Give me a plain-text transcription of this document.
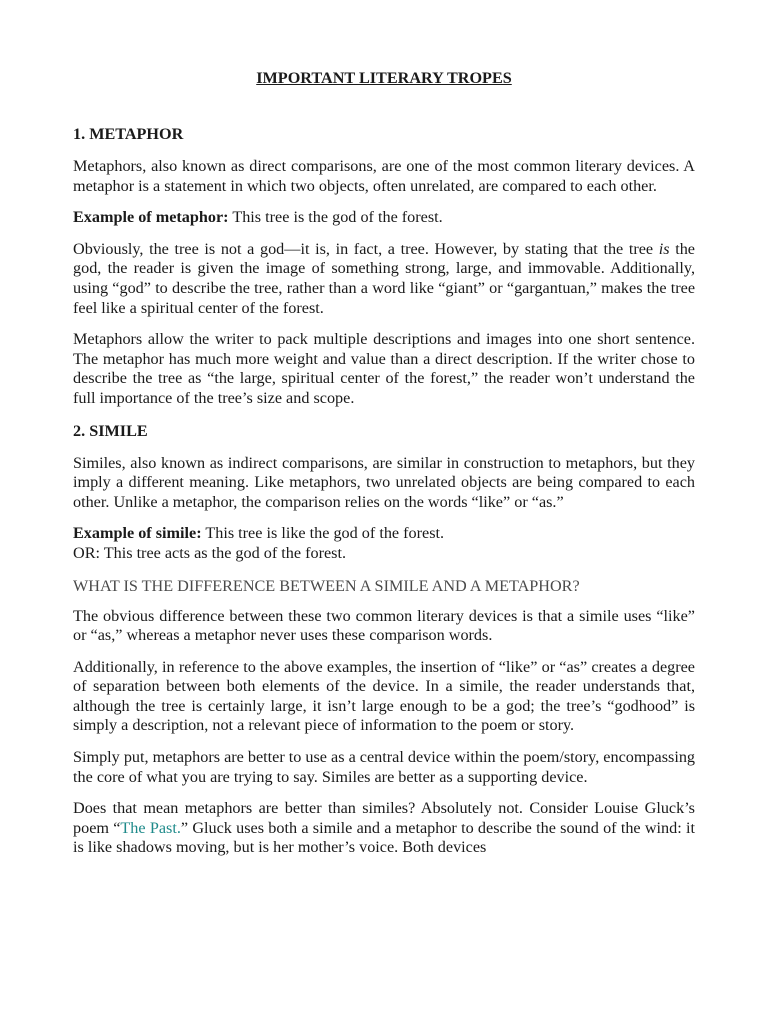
IMPORTANT LITERARY TROPES
1. METAPHOR

Metaphors, also known as direct comparisons, are one of the most common literary devices. A metaphor is a statement in which two objects, often unrelated, are compared to each other.

Example of metaphor: This tree is the god of the forest.

Obviously, the tree is not a god—it is, in fact, a tree. However, by stating that the tree is the god, the reader is given the image of something strong, large, and immovable. Additionally, using “god” to describe the tree, rather than a word like “giant” or “gargantuan,” makes the tree feel like a spiritual center of the forest.

Metaphors allow the writer to pack multiple descriptions and images into one short sentence. The metaphor has much more weight and value than a direct description. If the writer chose to describe the tree as “the large, spiritual center of the forest,” the reader won’t understand the full importance of the tree’s size and scope.

2. SIMILE

Similes, also known as indirect comparisons, are similar in construction to metaphors, but they imply a different meaning. Like metaphors, two unrelated objects are being compared to each other. Unlike a metaphor, the comparison relies on the words “like” or “as.”

Example of simile: This tree is like the god of the forest.

OR: This tree acts as the god of the forest.

WHAT IS THE DIFFERENCE BETWEEN A SIMILE AND A METAPHOR?

The obvious difference between these two common literary devices is that a simile uses “like” or “as,” whereas a metaphor never uses these comparison words.

Additionally, in reference to the above examples, the insertion of “like” or “as” creates a degree of separation between both elements of the device. In a simile, the reader understands that, although the tree is certainly large, it isn’t large enough to be a god; the tree’s “godhood” is simply a description, not a relevant piece of information to the poem or story.

Simply put, metaphors are better to use as a central device within the poem/story, encompassing the core of what you are trying to say. Similes are better as a supporting device.

Does that mean metaphors are better than similes? Absolutely not. Consider Louise Gluck’s poem “The Past.” Gluck uses both a simile and a metaphor to describe the sound of the wind: it is like shadows moving, but is her mother’s voice. Both devices
